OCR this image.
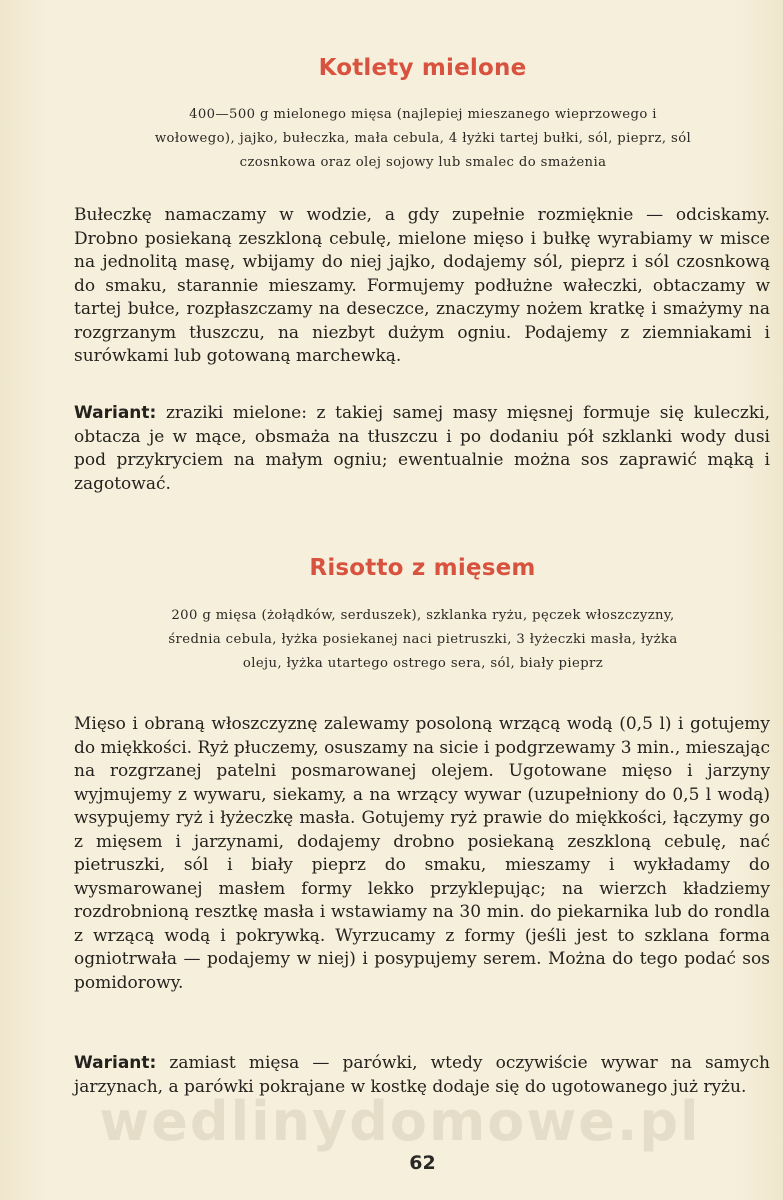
Kotlety mielone
400—500 g mielonego mięsa (najlepiej mieszanego wieprzowego i wołowego), jajko, bułeczka, mała cebula, 4 łyżki tartej bułki, sól, pieprz, sól czosnkowa oraz olej sojowy lub smalec do smażenia
Bułeczkę namaczamy w wodzie, a gdy zupełnie rozmięknie — odciskamy. Drobno posiekaną zeszkloną cebulę, mielone mięso i bułkę wyrabiamy w misce na jednolitą masę, wbijamy do niej jajko, dodajemy sól, pieprz i sól czosnkową do smaku, starannie mieszamy. Formujemy podłużne wałeczki, obtaczamy w tartej bułce, rozpłaszczamy na deseczce, znaczymy nożem kratkę i smażymy na rozgrzanym tłuszczu, na niezbyt dużym ogniu. Podajemy z ziemniakami i surówkami lub gotowaną marchewką.
Wariant: zraziki mielone: z takiej samej masy mięsnej formuje się kuleczki, obtacza je w mące, obsmaża na tłuszczu i po dodaniu pół szklanki wody dusi pod przykryciem na małym ogniu; ewentualnie można sos zaprawić mąką i zagotować.
Risotto z mięsem
200 g mięsa (żołądków, serduszek), szklanka ryżu, pęczek włoszczyzny, średnia cebula, łyżka posiekanej naci pietruszki, 3 łyżeczki masła, łyżka oleju, łyżka utartego ostrego sera, sól, biały pieprz
Mięso i obraną włoszczyznę zalewamy posoloną wrzącą wodą (0,5 l) i gotujemy do miękkości. Ryż płuczemy, osuszamy na sicie i podgrzewamy 3 min., mieszając na rozgrzanej patelni posmarowanej olejem. Ugotowane mięso i jarzyny wyjmujemy z wywaru, siekamy, a na wrzący wywar (uzupełniony do 0,5 l wodą) wsypujemy ryż i łyżeczkę masła. Gotujemy ryż prawie do miękkości, łączymy go z mięsem i jarzynami, dodajemy drobno posiekaną zeszkloną cebulę, nać pietruszki, sól i biały pieprz do smaku, mieszamy i wykładamy do wysmarowanej masłem formy lekko przyklepując; na wierzch kładziemy rozdrobnioną resztkę masła i wstawiamy na 30 min. do piekarnika lub do rondla z wrzącą wodą i pokrywką. Wyrzucamy z formy (jeśli jest to szklana forma ogniotrwała — podajemy w niej) i posypujemy serem. Można do tego podać sos pomidorowy.
Wariant: zamiast mięsa — parówki, wtedy oczywiście wywar na samych jarzynach, a parówki pokrajane w kostkę dodaje się do ugotowanego już ryżu.
wedlinydomowe.pl
62
